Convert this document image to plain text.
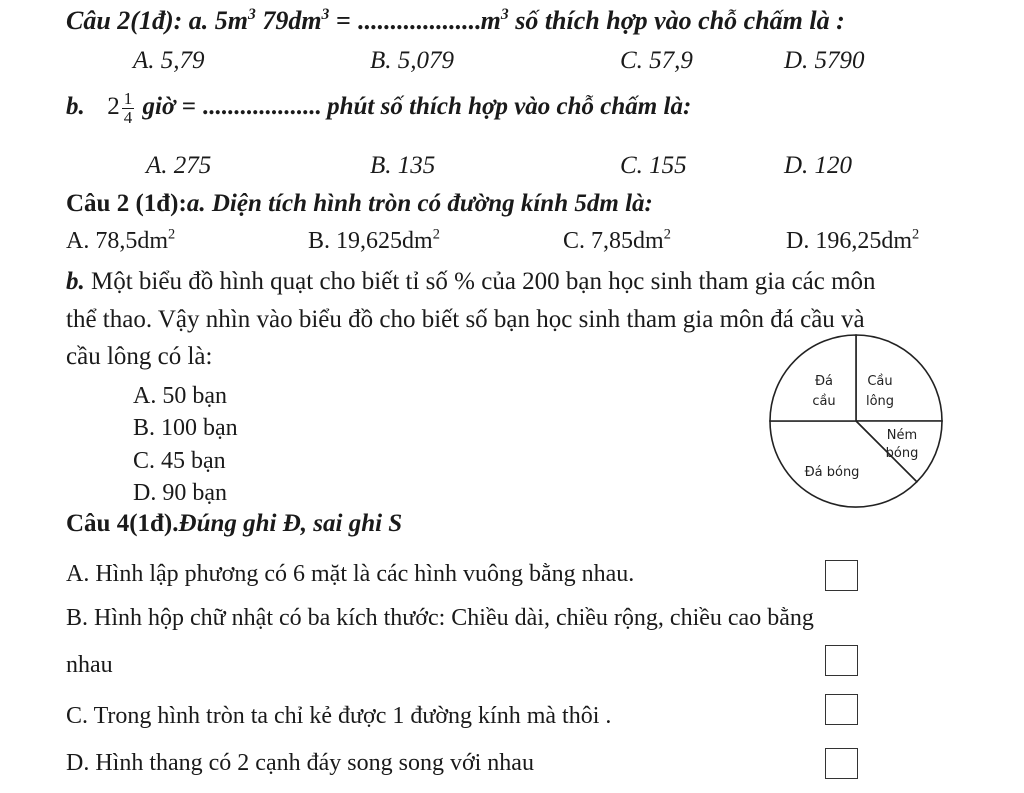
Câu 2(1đ): a. $5m^3$ $79dm^3 = ...................m^3$ số thích hợp vào chỗ chấm là :
A. 5,79	B. 5,079	C. 57,9	D. 5790
b. $2 \frac{1}{4}$ giờ = ................... phút số thích hợp vào chỗ chấm là:
A. 275	B. 135	C. 155	D. 120
Câu 2 (1đ):a. Diện tích hình tròn có đường kính 5dm là:
A. $78,5dm^2$	B. $19,625dm^2$	C. $7,85dm^2$	D. $196,25dm^2$
b. Một biểu đồ hình quạt cho biết tỉ số % của 200 bạn học sinh tham gia các môn
thể thao. Vậy nhìn vào biểu đồ cho biết số bạn học sinh tham gia môn đá cầu và
cầu lông có là:
A. 50 bạn
B. 100 bạn
C. 45 bạn
D. 90 bạn
Đá
cầu
Cầu
lông
Ném
bóng
Đá bóng
Câu 4(1đ).Đúng ghi Đ, sai ghi S
A. Hình lập phương có 6 mặt là các hình vuông bằng nhau.
B. Hình hộp chữ nhật có ba kích thước: Chiều dài, chiều rộng, chiều cao bằng
nhau
C. Trong hình tròn ta chỉ kẻ được 1 đường kính mà thôi .
D. Hình thang có 2 cạnh đáy song song với nhau
